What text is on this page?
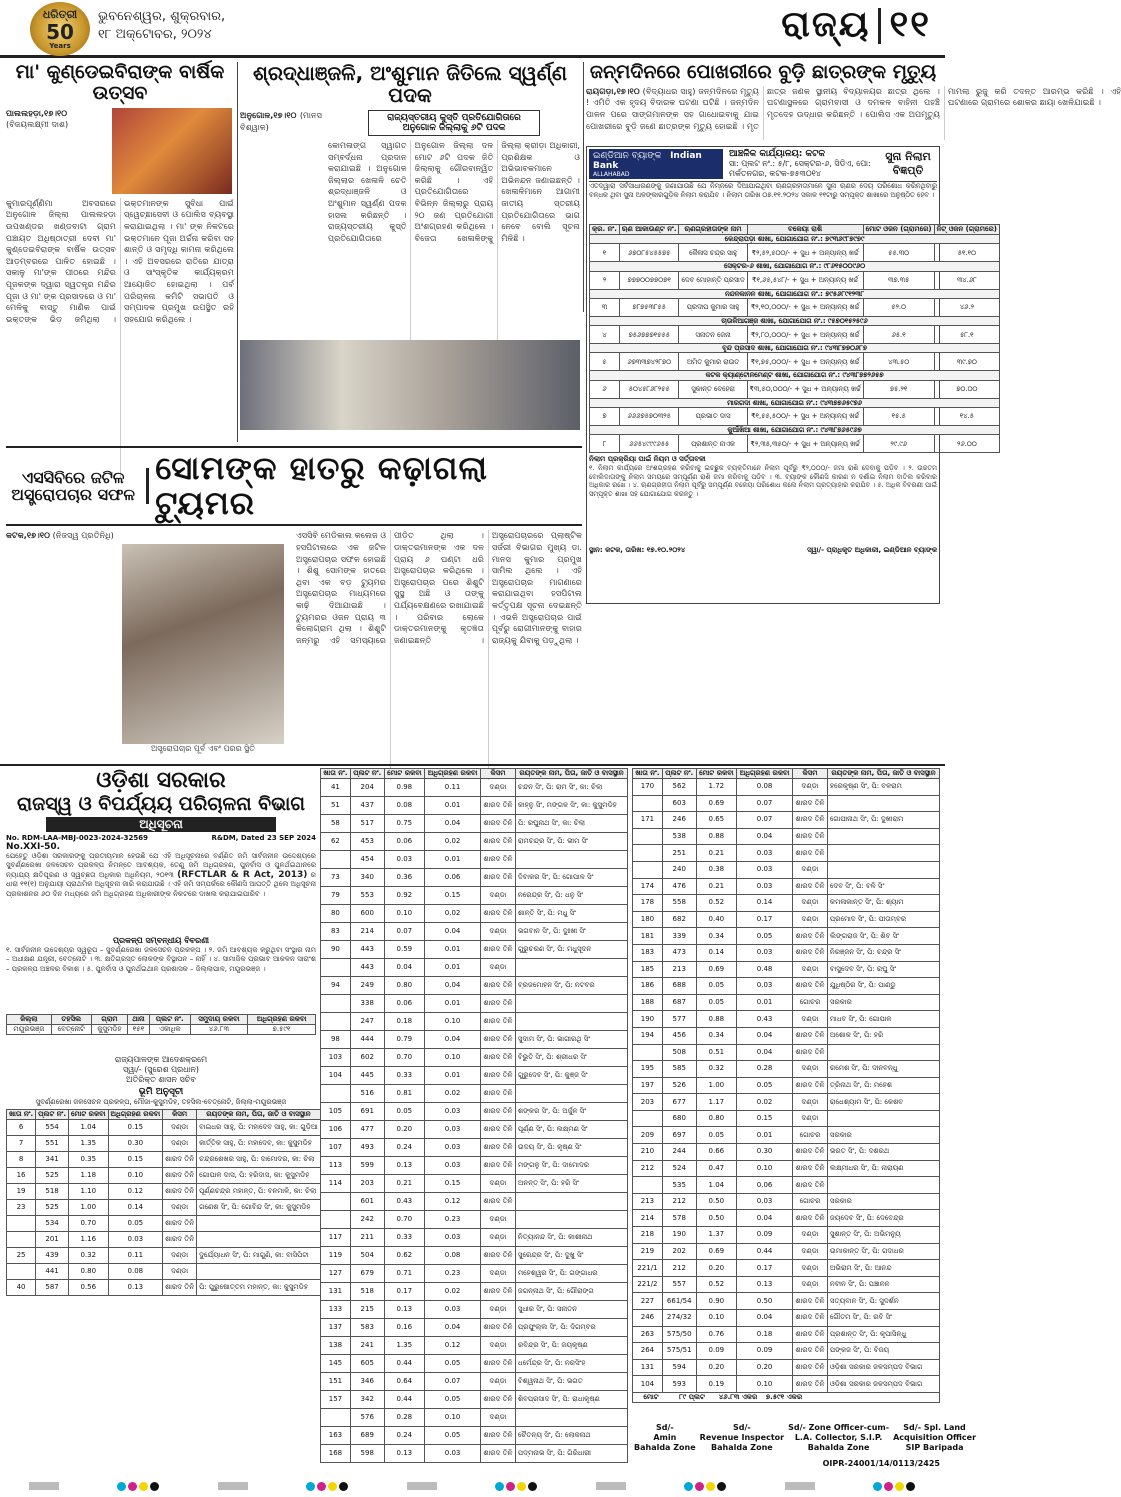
ଧରିତ୍ରୀ
50
Years
ଭୁବନେଶ୍ୱର, ଶୁକ୍ରବାର,
୧୮ ଅକ୍ଟୋବର, ୨୦୨୪	ରାଜ୍ୟ ୧୧
ମା' କୁଣ୍ଡେଇବିରାଙ୍କ ବାର୍ଷିକ ଉତ୍ସବ
ପାଲଲହଡ଼ା,୧୭।୧୦
(ବିଜୟଲକ୍ଷ୍ମୀ ଦାଶ)
କୁମାରପୂର୍ଣ୍ଣିମା ଅବସରରେ ଅନୁଗୋଳ ଜିଲ୍ଲା ପାଲଲହଡ଼ା ଉପଖଣ୍ଡର ଖଣ୍ଡବାଟା ଗ୍ରାମ ପଞ୍ଚାୟତ ଅଧିଷ୍ଠାତ୍ରୀ ଦେବୀ ମା' କୁଣ୍ଡେଇବିରାଙ୍କ ବାର୍ଷିକ ଉତ୍ସବ ଆଡ଼ମ୍ବରରେ ପାଳିତ ହୋଇଛି । ସକାଳୁ ମା'ଙ୍କ ପୀଠରେ ମନ୍ଦିର ପୂଜକଙ୍କ ଦ୍ୱାରା ସ୍ୱତନ୍ତ୍ର ମନ୍ଦିର ପୂଜା ଓ ମା' ଙ୍କ ପ୍ରସାଦରେ ଓ ମା' ମେଳିକୁ ବାସ୍ତୁ ମାଣିକ ପାଇଁ ଭକ୍ତଙ୍କ ଭିଡ଼ ଜମିଥିଲା । ଭକ୍ତମାନଙ୍କ ସୁବିଧା ପାଇଁ ସ୍ୱେଚ୍ଛାସେବୀ ଓ ପୋଲିସ ବ୍ୟବସ୍ଥା କରାଯାଇଥିଲା । ମା' ଙ୍କ ନିକଟରେ ଭକ୍ତମାନେ ପୂଜା ଅର୍ଚ୍ଚନା କରିବା ସହ ଶାନ୍ତି ଓ ସମୃଦ୍ଧି କାମନା କରିଥିଲେ । ଏହି ଅବସରରେ ରାତିରେ ଯାତ୍ରା ଓ ସାଂସ୍କୃତିକ କାର୍ଯ୍ୟକ୍ରମ ଆୟୋଜିତ ହୋଇଥିଲା । ପର୍ବ ପରିଚାଳନା କମିଟି ସଭାପତି ଓ ସମ୍ପାଦକ ପ୍ରମୁଖ ଉପସ୍ଥିତ ରହି ସହଯୋଗ କରିଥିଲେ ।
ଶ୍ରଦ୍ଧାଞ୍ଜଳି, ଅଂଶୁମାନ ଜିତିଲେ ସ୍ୱର୍ଣ୍ଣ ପଦକ
ଅନୁଗୋଳ,୧୭।୧୦ (ମାନସ ବିଶ୍ୱାଳ)

ରାଜ୍ୟସ୍ତରୀୟ କୁସ୍ତି ପ୍ରତିଯୋଗିତାରେ
ଅନୁଗୋଳ ଜିଲ୍ଲାକୁ ୬ଟି ପଦକ
କୋମଳାଙ୍ଗ ସ୍ୱାଗତ ସମ୍ବର୍ଦ୍ଧନା ପ୍ରଦାନ କରାଯାଇଛି । ଅନୁଗୋଳ ଜିଲ୍ଲାର ଖେଳାଳି ଚେତି ଶ୍ରଦ୍ଧାଞ୍ଜଳି ଓ ଅଂଶୁମାନ ସ୍ୱର୍ଣ୍ଣ ପଦକ ହାସଲ କରିଛନ୍ତି । ରାଜ୍ୟସ୍ତରୀୟ କୁସ୍ତି ପ୍ରତିଯୋଗିତାରେ ଅନୁଗୋଳ ଜିଲ୍ଲା ଦଳ ମୋଟ ୬ଟି ପଦକ ଜିତି ଜିଲ୍ଲାକୁ ଗୌରବାନ୍ୱିତ କରିଛି । ଏହି ପ୍ରତିଯୋଗିତାରେ ବିଭିନ୍ନ ଜିଲ୍ଲାରୁ ପ୍ରାୟ ୨୦ ଜଣ ପ୍ରତିଯୋଗୀ ଅଂଶଗ୍ରହଣ କରିଥିଲେ । ବିଜେତା ଖେଳାଳିଙ୍କୁ ଜିଲ୍ଲା କ୍ରୀଡ଼ା ଅଧିକାରୀ, ପ୍ରଶିକ୍ଷକ ଓ ଅଭିଭାବକମାନେ ଅଭିନନ୍ଦନ ଜଣାଇଛନ୍ତି । ଖେଳାଳିମାନେ ଆଗାମୀ ଜାତୀୟ ସ୍ତରୀୟ ପ୍ରତିଯୋଗିତାରେ ଭାଗ ନେବେ ବୋଲି ସୂଚନା ମିଳିଛି ।
ଜନ୍ମଦିନରେ ପୋଖରୀରେ ବୁଡ଼ି ଛାତ୍ରଙ୍କ ମୃତ୍ୟୁ
ରାୟଗଡ଼ା,୧୭।୧୦ (ବିଦ୍ୟାଧର ସାହୁ) ଜନ୍ମଦିନରେ ମୃତ୍ୟୁ ! ଏମିତି ଏକ ହୃଦୟ ବିଦାରକ ଘଟଣା ଘଟିଛି । ଜନ୍ମଦିନ ପାଳନ ପରେ ସାଙ୍ଗମାନଙ୍କ ସହ ଗାଧୋଇବାକୁ ଯାଇ ପୋଖରୀରେ ବୁଡ଼ି ଜଣେ ଛାତ୍ରଙ୍କ ମୃତ୍ୟୁ ହୋଇଛି । ମୃତ ଛାତ୍ର ଜଣକ ସ୍ଥାନୀୟ ବିଦ୍ୟାଳୟର ଛାତ୍ର ଥିଲେ । ଘଟଣାସ୍ଥଳରେ ଗ୍ରାମବାସୀ ଓ ଦମକଳ ବାହିନୀ ପହଞ୍ଚି ମୃତଦେହ ଉଦ୍ଧାର କରିଛନ୍ତି । ପୋଲିସ ଏକ ଅପମୃତ୍ୟୁ ମାମଲା ରୁଜୁ କରି ତଦନ୍ତ ଆରମ୍ଭ କରିଛି । ଏହି ଘଟଣାରେ ଗ୍ରାମରେ ଶୋକର ଛାୟା ଖେଳିଯାଇଛି ।
ଇଣ୍ଡିଆନ ବ୍ୟାଙ୍କ Indian Bank
ALLAHABAD
ଆଞ୍ଚଳିକ କାର୍ଯ୍ୟାଳୟ: କଟକ
ସା: ପ୍ଲଟ ନଂ.: ୫/୮, ସେକ୍ଟର-୬, ସିଡିଏ, ପୋ: ମର୍କତନଗର, କଟକ-୭୫୩୦୧୪
ସୁନା ନିଲାମ ବିଜ୍ଞପ୍ତି
ଏତଦ୍ୱାରା ସର୍ବସାଧାରଣଙ୍କୁ ଜଣାଯାଉଛି ଯେ ନିମ୍ନରେ ଦିଆଯାଇଥିବା ଋଣଗ୍ରହୀତାମାନେ ସୁନା ଋଣର ଦେୟ ପରିଶୋଧ କରିନଥିବାରୁ ବନ୍ଧକ ଥିବା ସୁନା ଅଳଙ୍କାରଗୁଡ଼ିକ ନିଲାମ କରାଯିବ । ନିଲାମ ତାରିଖ ୦୭.୧୧.୨୦୨୪ ସକାଳ ୧୧ଟାରୁ ସମ୍ପୃକ୍ତ ଶାଖାରେ ଅନୁଷ୍ଠିତ ହେବ ।
କ୍ର. ନଂ.	ଋଣ ଆକାଉଣ୍ଟ ନଂ.	ଋଣଗ୍ରହୀତାଙ୍କ ନାମ	ବକେୟା ରାଶି	ମୋଟ ଓଜନ (ଗ୍ରାମରେ)	ନିଟ୍ ଓଜନ (ଗ୍ରାମରେ)
କେନ୍ଦ୍ରାପଡ଼ା ଶାଖା, ଯୋଗାଯୋଗ ନଂ.: ୭୯୩୬୯୮୭୯୭୯					
୧	୬୭୦୮୫୪୫୫୭୫	କୈଳାସ ଚନ୍ଦ୍ର ସାହୁ	₹୨,୫୨,୫୦୦/- + ସୁଧ + ଅନ୍ୟାନ୍ୟ ଖର୍ଚ୍ଚ	୫୫.୩୦	୫୧.୧୦
ସେକ୍ଟର-୬ ଶାଖା, ଯୋଗାଯୋଗ ନଂ.: ୯୮୬୧୫୦୦୯୬୦					
୨	୭୭୭୦୦୭୭୦୭୧	ଦେବ ମୋହାନ୍ତି ପ୍ରସାଦ	₹୧,୬୫,୫୪୮/- + ସୁଧ + ଅନ୍ୟାନ୍ୟ ଖର୍ଚ୍ଚ	୩୭.୩୫	୩୪.୬୮
ନନ୍ଦନକାନନ ଶାଖା, ଯୋଗାଯୋଗ ନଂ.: ୭୯୫୬୮୯୧୨୩୮					
୩	୭୮୭୫୩୮୫୫	ପ୍ରଦୀପ କୁମାର ସାହୁ	₹୨,୧୦,୦୦୦/- + ସୁଧ + ଅନ୍ୟାନ୍ୟ ଖର୍ଚ୍ଚ	୫୨.୦	୪୬.୨
ଚାଉଳିଆଗଞ୍ଜ ଶାଖା, ଯୋଗାଯୋଗ ନଂ.: ୯୫୭୦୧୫୨୫୯୬					
୪	୭୫୬୭୭୭୧୫୫୫	ସନାତନ ଜେନା	₹୨,୮୦,୦୦୦/- + ସୁଧ + ଅନ୍ୟାନ୍ୟ ଖର୍ଚ୍ଚ	୬୫.୧	୫୮.୧
ବୃନ୍ଦ ପ୍ରସାଦ ଶାଖା, ଯୋଗାଯୋଗ ନଂ.: ୯୪୩୮୭୭୦୬୮୭					
୫	୬୭୩୩୭୪୨୮୭୦	ଅମିତ କୁମାର ରାଉତ	₹୧,୭୫,୦୦୦/- + ସୁଧ + ଅନ୍ୟାନ୍ୟ ଖର୍ଚ୍ଚ	୪୩.୫୦	୩୯.୭୦
କଟକ କ୍ୟାଣ୍ଟୋନମେଣ୍ଟ ଶାଖା, ଯୋଗାଯୋଗ ନଂ.: ୯୪୩୮୭୭୨୬୫୭					
୬	୫୦୪୫୮୬୮୨୫୫	ସୁକାନ୍ତ ବେହେରା	₹୩,୫୦,୦୦୦/- + ସୁଧ + ଅନ୍ୟାନ୍ୟ ଖର୍ଚ୍ଚ	୭୫.୨୧	୭୦.୦୦
ମାରଗଦା ଶାଖା, ଯୋଗାଯୋଗ ନଂ.: ୯୪୩୭୭୬୫୯୭୬					
୭	୬୬୬୭୫୭୦୩୨୫	ପ୍ରଭାତ ଦାସ	₹୧,୫୫,୫୦୦/- + ସୁଧ + ଅନ୍ୟାନ୍ୟ ଖର୍ଚ୍ଚ	୧୫.୫	୧୪.୫
କୁଆଁଖିଆ ଶାଖା, ଯୋଗାଯୋଗ ନଂ.: ୯୪୩୮୭୬୫୯୬୭					
୮	୬୬୫୪୯୯୯୬୫୫	ପ୍ରଶାନ୍ତ ନାଏକ	₹୨,୩୫,୩୫୦/- + ସୁଧ + ଅନ୍ୟାନ୍ୟ ଖର୍ଚ୍ଚ	୨୯.୯୬	୨୬.୦୦
ନିଲାମ ପ୍ରକ୍ରିୟା ପାଇଁ ନିୟମ ଓ ସର୍ତ୍ତାବଳୀ
୧. ନିଲାମ କାର୍ଯ୍ୟରେ ଅଂଶଗ୍ରହଣ କରିବାକୁ ଇଚ୍ଛୁକ ବ୍ୟକ୍ତିମାନେ ନିଲାମ ପୂର୍ବରୁ ₹୨,୦୦୦/- ଜମା ରାଶି ଦେବାକୁ ପଡ଼ିବ । ୨. ଉଚ୍ଚତମ ବୋଲିଦାତାଙ୍କୁ ନିଲାମ ସମୟରେ ସମ୍ପୂର୍ଣ୍ଣ ରାଶି ଜମା କରିବାକୁ ପଡ଼ିବ । ୩. ବ୍ୟାଙ୍କ କୌଣସି କାରଣ ନ ଦର୍ଶାଇ ନିଲାମ ବାତିଲ କରିବାର ଅଧିକାର ରଖେ । ୪. ଋଣଗ୍ରହୀତା ନିଲାମ ପୂର୍ବରୁ ସମ୍ପୂର୍ଣ୍ଣ ବକେୟା ପରିଶୋଧ କଲେ ନିଲାମ ପ୍ରତ୍ୟାହାର କରାଯିବ । ୫. ଅଧିକ ବିବରଣୀ ପାଇଁ ସମ୍ପୃକ୍ତ ଶାଖା ସହ ଯୋଗାଯୋଗ କରନ୍ତୁ ।
ସ୍ଥାନ: କଟକ, ତାରିଖ: ୧୭.୧୦.୨୦୨୪	ସ୍ୱା/- ପ୍ରାଧିକୃତ ଅଧିକାରୀ, ଇଣ୍ଡିଆନ ବ୍ୟାଙ୍କ
ଏସସିବିରେ ଜଟିଳ
ଅସ୍ତ୍ରୋପଚାର ସଫଳ
ସୋମଙ୍କ ହାତରୁ କଢ଼ାଗଲା ଟ୍ୟୁମର
କଟକ,୧୭।୧୦ (ନିଜସ୍ୱ ପ୍ରତିନିଧି)
ଅସ୍ତ୍ରୋପଚାର ପୂର୍ବ ଏବଂ ପରର ସ୍ଥିତି
ଏସସିବି ମେଡିକାଲ କଲେଜ ଓ ହସପିଟାଲରେ ଏକ ଜଟିଳ ଅସ୍ତ୍ରୋପଚାର ସଫଳ ହୋଇଛି । ଶିଶୁ ସୋମଙ୍କ ହାତରେ ଥିବା ଏକ ବଡ଼ ଟ୍ୟୁମର ଅସ୍ତ୍ରୋପଚାର ମାଧ୍ୟମରେ କାଢ଼ି ଦିଆଯାଇଛି । ଟ୍ୟୁମରର ଓଜନ ପ୍ରାୟ ୩ କିଲୋଗ୍ରାମ ଥିଲା । ଶିଶୁଟି ଜନ୍ମରୁ ଏହି ସମସ୍ୟାରେ ପୀଡ଼ିତ ଥିଲା । ଡାକ୍ତରମାନଙ୍କ ଏକ ଦଳ ପ୍ରାୟ ୬ ଘଣ୍ଟା ଧରି ଅସ୍ତ୍ରୋପଚାର କରିଥିଲେ । ଅସ୍ତ୍ରୋପଚାର ପରେ ଶିଶୁଟି ସୁସ୍ଥ ଅଛି ଓ ତାଙ୍କୁ ପର୍ଯ୍ୟବେକ୍ଷଣରେ ରଖାଯାଇଛି । ପରିବାର ଲୋକେ ଡାକ୍ତରମାନଙ୍କୁ କୃତଜ୍ଞତା ଜଣାଇଛନ୍ତି । ଅସ୍ତ୍ରୋପଚାରରେ ପ୍ଲାଷ୍ଟିକ ସର୍ଜରୀ ବିଭାଗର ମୁଖ୍ୟ ଡା. ମାନସ କୁମାର ପ୍ରମୁଖ ସାମିଲ ଥିଲେ । ଏହି ଅସ୍ତ୍ରୋପଚାର ମାଗଣାରେ କରାଯାଇଥିବା ହସପିଟାଲ କର୍ତ୍ତୃପକ୍ଷ ସୂଚନା ଦେଇଛନ୍ତି । ଏଭଳି ଅସ୍ତ୍ରୋପଚାର ପାଇଁ ପୂର୍ବରୁ ରୋଗୀମାନଙ୍କୁ ବାହାର ରାଜ୍ୟକୁ ଯିବାକୁ ପଡ଼ୁଥିଲା ।
ଓଡ଼ିଶା ସରକାର
ରାଜସ୍ୱ ଓ ବିପର୍ଯ୍ୟୟ ପରିଚାଳନା ବିଭାଗ
ଅଧିସୂଚନା
No. RDM-LAA-MBJ-0023-2024-32569	R&DM, Dated 23 SEP 2024
No.XXI-50.
ଯେହେତୁ ଓଡ଼ିଶା ସରକାରଙ୍କୁ ପ୍ରତୀୟମାନ ହେଉଛି ଯେ ଏହି ଅଧିସୂଚନାରେ ବର୍ଣ୍ଣିତ ଜମି ସାର୍ବଜନୀନ ଉଦ୍ଦେଶ୍ୟରେ ସୁବର୍ଣ୍ଣରେଖା ଜଳସେଚନ ପ୍ରକଳ୍ପ ନିମନ୍ତେ ଆବଶ୍ୟକ, ତେଣୁ ଜମି ଅଧିଗ୍ରହଣ, ପୁନର୍ବାସ ଓ ପୁନର୍ଥଇଥାନରେ ନ୍ୟାଯ୍ୟ କ୍ଷତିପୂରଣ ଓ ସ୍ୱଚ୍ଛତା ଅଧିକାର ଅଧିନିୟମ, ୨୦୧୩ (RFCTLAR & R Act, 2013) ର ଧାରା ୧୧(୧) ଅନୁଯାୟୀ ପ୍ରାଥମିକ ଅଧିସୂଚନା ଜାରି କରାଯାଉଛି । ଏହି ଜମି ସମ୍ପର୍କରେ କୌଣସି ଆପତ୍ତି ଥିଲେ ଅଧିସୂଚନା ପ୍ରକାଶନର ୬୦ ଦିନ ମଧ୍ୟରେ ଜମି ଅଧିଗ୍ରହଣ ଅଧିକାରୀଙ୍କ ନିକଟରେ ଦାଖଲ କରାଯାଇପାରିବ ।
ପ୍ରକଳ୍ପ ସମ୍ବନ୍ଧୀୟ ବିବରଣୀ
୧. ସାର୍ବଜନୀନ ଉଦ୍ଦେଶ୍ୟର ସ୍ୱରୂପ – ସୁବର୍ଣ୍ଣରେଖା ଜଳସେଚନ ପ୍ରକଳ୍ପ । ୨. ଜମି ଆବଶ୍ୟକ କରୁଥିବା ସଂସ୍ଥାର ନାମ – ଅଧୀକ୍ଷଣ ଯନ୍ତ୍ରୀ, ବେତ୍ନୋଟି । ୩. କ୍ଷତିଗ୍ରସ୍ତ ଲୋକଙ୍କ ବିସ୍ଥାପନ – ନାହିଁ । ୪. ସାମାଜିକ ପ୍ରଭାବ ଆକଳନ ସାରାଂଶ – ପ୍ରକଳ୍ପ ଅଞ୍ଚଳର ବିକାଶ । ୫. ପୁନର୍ବାସ ଓ ପୁନର୍ଥଇଥାନ ପ୍ରଶାସକ – ଜିଲ୍ଲାପାଳ, ମୟୂରଭଞ୍ଜ ।
ଜିଲ୍ଲା	ତହସିଲ	ଗ୍ରାମ	ଥାନା	ପ୍ଲଟ ନଂ.	ସମୁଦାୟ ରକବା	ଅଧିଗ୍ରହଣ ରକବା
ମୟୂରଭଞ୍ଜ	ବେତ୍ନୋଟି	କୁସୁମଡିହ	୧୫୧	ଏକାଧିକ	୪୬.୮୩	୭.୫୯୧
ରାଜ୍ୟପାଳଙ୍କ ଆଦେଶକ୍ରମେ
ସ୍ୱା/- (ସୁରେଶ ପ୍ରଧାନ)
ଅତିରିକ୍ତ ଶାସନ ସଚିବ
ଭୂମି ଅନୁସୂଚୀ
ସୁବର୍ଣ୍ଣରେଖା ଜଳସେଚନ ପ୍ରକଳ୍ପ, ମୌଜା-କୁସୁମଡିହ, ତହସିଲ-ବେତ୍ନୋଟି, ଜିଲ୍ଲା-ମୟୂରଭଞ୍ଜ
ଖାତା ନଂ.	ପ୍ଲଟ ନଂ.	ମୋଟ ରକବା	ଅଧିଗ୍ରହଣ ରକବା	କିସମ	ରୟତଙ୍କ ନାମ, ପିତା, ଜାତି ଓ ବାସସ୍ଥାନ
6	554	1.04	0.15	ଦଣ୍ଡା	ବାଇଧର ସାହୁ, ପି: ମହାଦେବ ସାହୁ, କା: ଗୁଡ଼ିଆ
7	551	1.35	0.30	ଦଣ୍ଡା	କାର୍ତ୍ତିକ ସାହୁ, ପି: ମହାଦେବ, କା: କୁସୁମଡିହ
8	341	0.35	0.15	ଶାରଦ ତିନି	ଚନ୍ଦ୍ରଶେଖର ସାହୁ, ପି: ଦାମୋଦର, କା: ଚିଲା
16	525	1.18	0.10	ଶାରଦ ତିନି	ଗୋପାଳ ଦାସ, ପି: ହରିଦାସ, କା: କୁସୁମଡିହ
19	518	1.10	0.12	ଶାରଦ ତିନି	ପୂର୍ଣ୍ଣଚନ୍ଦ୍ର ମହାନ୍ତ, ପି: ବନମାଳି, କା: ଚିଲା
23	525	1.00	0.14	ଦଣ୍ଡା	ଗଣେଶ ସିଂ, ପି: ଗୋବିନ୍ଦ ସିଂ, କା: କୁସୁମଡିହ
	534	0.70	0.05	ଶାରଦ ତିନି	
	201	1.16	0.03	ଶାରଦ ତିନି	
25	439	0.32	0.11	ଦଣ୍ଡା	ଦୁର୍ଯ୍ୟୋଧନ ସିଂ, ପି: ମାଗୁଣି, କା: ବାସିପିଟା
	441	0.80	0.08	ଦଣ୍ଡା	
40	587	0.56	0.13	ଶାରଦ ତିନି	ପି: ପୁରୁଷୋତ୍ତମ ମହାନ୍ତ, କା: କୁସୁମଡିହ
ଖାତା ନଂ.	ପ୍ଲଟ ନଂ.	ମୋଟ ରକବା	ଅଧିଗ୍ରହଣ ରକବା	କିସମ	ରୟତଙ୍କ ନାମ, ପିତା, ଜାତି ଓ ବାସସ୍ଥାନ
41	204	0.98	0.11	ଦଣ୍ଡା	ଚନ୍ଦନ ସିଂ, ପି: ରାମ ସିଂ, କା: ଚିଲା
51	437	0.08	0.01	ଶାରଦ ତିନି	କାହ୍ନୁ ସିଂ, ମଙ୍ଗଳ ସିଂ, କା: କୁସୁମଡିହ
58	517	0.75	0.04	ଶାରଦ ତିନି	ପି: ରଘୁନାଥ ସିଂ, କା: ଚିଲା
62	453	0.06	0.02	ଶାରଦ ତିନି	ରାମଚନ୍ଦ୍ର ସିଂ, ପି: ଭୀମ ସିଂ
	454	0.03	0.01	ଶାରଦ ତିନି	
73	340	0.36	0.06	ଶାରଦ ତିନି	ଦିବାକର ସିଂ, ପି: ଗୋପାଳ ସିଂ
79	553	0.92	0.15	ଦଣ୍ଡା	ନରେନ୍ଦ୍ର ସିଂ, ପି: ଧନୁ ସିଂ
80	600	0.10	0.02	ଶାରଦ ତିନି	ଶାନ୍ତି ସିଂ, ପି: ମଧୁ ସିଂ
83	214	0.07	0.04	ଦଣ୍ଡା	ଭଗବାନ ସିଂ, ପି: ଦୁଃଖୀ ସିଂ
90	443	0.59	0.01	ଶାରଦ ତିନି	ଗୁରୁଚରଣ ସିଂ, ପି: ମଧୁସୂଦନ
	443	0.04	0.01	ଦଣ୍ଡା	
94	249	0.80	0.04	ଶାରଦ ତିନି	ବ୍ରଜମୋହନ ସିଂ, ପି: ନଟବର
	338	0.06	0.01	ଶାରଦ ତିନି	
	247	0.18	0.10	ଶାରଦ ତିନି	
98	444	0.79	0.04	ଶାରଦ ତିନି	ସୁଦାମ ସିଂ, ପି: ଭାଗୀରଥି ସିଂ
103	602	0.70	0.10	ଶାରଦ ତିନି	ବିଭୁତି ସିଂ, ପି: ଶ୍ରୀଧର ସିଂ
104	445	0.33	0.01	ଶାରଦ ତିନି	ଗୁରୁଦେବ ସିଂ, ପି: କୁଞ୍ଜ ସିଂ
	516	0.81	0.02	ଶାରଦ ତିନି	
105	691	0.05	0.03	ଶାରଦ ତିନି	ଶଙ୍କର ସିଂ, ପି: ଅର୍ଜୁନ ସିଂ
106	477	0.20	0.03	ଶାରଦ ତିନି	ପୂର୍ଣ୍ଣ ସିଂ, ପି: ଲକ୍ଷ୍ମଣ ସିଂ
107	493	0.24	0.03	ଶାରଦ ତିନି	ଉଦୟ ସିଂ, ପି: କୃଷ୍ଣ ସିଂ
113	599	0.13	0.03	ଶାରଦ ତିନି	ମଙ୍ଗଳୁ ସିଂ, ପି: ଦାମୋଦର
114	203	0.21	0.15	ଦଣ୍ଡା	ଅନନ୍ତ ସିଂ, ପି: ହରି ସିଂ
	601	0.43	0.12	ଶାରଦ ତିନି	
	242	0.70	0.23	ଦଣ୍ଡା	
117	211	0.33	0.03	ଦଣ୍ଡା	ନିତ୍ୟାନନ୍ଦ ସିଂ, ପି: କାଶୀନାଥ
119	504	0.62	0.08	ଶାରଦ ତିନି	ସୁରେନ୍ଦ୍ର ସିଂ, ପି: ଦୁଖୁ ସିଂ
127	679	0.71	0.23	ଦଣ୍ଡା	ମହେଶ୍ୱର ସିଂ, ପି: ଗଙ୍ଗାଧର
131	518	0.17	0.02	ଶାରଦ ତିନି	ଜଗନ୍ନାଥ ସିଂ, ପି: ଗୌରାଙ୍ଗ
133	215	0.13	0.03	ଦଣ୍ଡା	ସୁଧୀର ସିଂ, ପି: ସନାତନ
137	583	0.16	0.04	ଶାରଦ ତିନି	ପ୍ରଫୁଲ୍ଲ ସିଂ, ପି: ଦିଗମ୍ବର
138	241	1.35	0.12	ଦଣ୍ଡା	ରବିନ୍ଦ୍ର ସିଂ, ପି: ଜୟକୃଷ୍ଣ
145	605	0.44	0.05	ଶାରଦ ତିନି	ଧର୍ମେନ୍ଦ୍ର ସିଂ, ପି: ନରସିଂହ
151	346	0.64	0.07	ଦଣ୍ଡା	ବିଶ୍ୱନାଥ ସିଂ, ପି: ଭଗତ
157	342	0.44	0.05	ଶାରଦ ତିନି	ଶିବପ୍ରସାଦ ସିଂ, ପି: ରାଧାକୃଷ୍ଣ
	576	0.28	0.10	ଦଣ୍ଡା	
163	689	0.24	0.05	ଶାରଦ ତିନି	ଚୈତନ୍ୟ ସିଂ, ପି: ଲୋକନାଥ
168	598	0.13	0.03	ଶାରଦ ତିନି	ପଦ୍ମନାଭ ସିଂ, ପି: ଗିରିଧାରୀ
ଖାତା ନଂ.	ପ୍ଲଟ ନଂ.	ମୋଟ ରକବା	ଅଧିଗ୍ରହଣ ରକବା	କିସମ	ରୟତଙ୍କ ନାମ, ପିତା, ଜାତି ଓ ବାସସ୍ଥାନ
170	562	1.72	0.08	ଦଣ୍ଡା	ହରେକୃଷ୍ଣ ସିଂ, ପି: ବଳରାମ
	603	0.69	0.07	ଶାରଦ ତିନି	
171	246	0.65	0.07	ଶାରଦ ତିନି	ଗୋପୀନାଥ ସିଂ, ପି: ଦୁଖୀରାମ
	538	0.88	0.04	ଶାରଦ ତିନି	
	251	0.21	0.03	ଶାରଦ ତିନି	
	240	0.38	0.03	ଦଣ୍ଡା	
174	476	0.21	0.03	ଶାରଦ ତିନି	ଦେବ ସିଂ, ପି: ବଳି ସିଂ
178	558	0.52	0.14	ଦଣ୍ଡା	କମଳାକାନ୍ତ ସିଂ, ପି: ଶ୍ୟାମ
180	682	0.40	0.17	ଦଣ୍ଡା	ପ୍ରମୋଦ ସିଂ, ପି: ପୀତାମ୍ବର
181	339	0.34	0.05	ଶାରଦ ତିନି	ଲିଙ୍ଗରାଜ ସିଂ, ପି: ଶିବ ସିଂ
183	473	0.14	0.03	ଶାରଦ ତିନି	ନିରଞ୍ଜନ ସିଂ, ପି: ଚନ୍ଦ୍ର ସିଂ
185	213	0.69	0.48	ଦଣ୍ଡା	ବାସୁଦେବ ସିଂ, ପି: ରଘୁ ସିଂ
186	688	0.05	0.03	ଶାରଦ ତିନି	ଯୁଧିଷ୍ଠିର ସିଂ, ପି: ପାଣ୍ଡୁ
188	687	0.05	0.01	ଗୋଚର	ସରକାର
190	577	0.88	0.43	ଦଣ୍ଡା	ମାଧବ ସିଂ, ପି: ଗୋପାଳ
194	456	0.34	0.04	ଶାରଦ ତିନି	ଅଶୋକ ସିଂ, ପି: ହରି
	508	0.51	0.04	ଶାରଦ ତିନି	
195	585	0.32	0.28	ଦଣ୍ଡା	ରମେଶ ସିଂ, ପି: ଦୀନବନ୍ଧୁ
197	526	1.00	0.05	ଶାରଦ ତିନି	ତ୍ରିନାଥ ସିଂ, ପି: ମହେଶ
203	677	1.17	0.02	ଦଣ୍ଡା	ରାଧେଶ୍ୟାମ ସିଂ, ପି: କେଶବ
	680	0.80	0.15	ଦଣ୍ଡା	
209	697	0.05	0.01	ଗୋଚର	ସରକାର
210	244	0.66	0.30	ଶାରଦ ତିନି	ଭରତ ସିଂ, ପି: ଦଶରଥ
212	524	0.47	0.10	ଶାରଦ ତିନି	ଲକ୍ଷ୍ମୀଧର ସିଂ, ପି: ନାରାୟଣ
	535	1.04	0.06	ଶାରଦ ତିନି	
213	212	0.50	0.03	ଗୋଚର	ସରକାର
214	578	0.50	0.04	ଶାରଦ ତିନି	ଜୟଦେବ ସିଂ, ପି: ଦେବେନ୍ଦ୍ର
218	190	1.37	0.09	ଦଣ୍ଡା	ସୁଶାନ୍ତ ସିଂ, ପି: ଅଭିମନ୍ୟୁ
219	202	0.69	0.44	ଦଣ୍ଡା	ଉମାକାନ୍ତ ସିଂ, ପି: ଗଦାଧର
221/1	212	0.20	0.17	ଦଣ୍ଡା	ଅଭିରାମ ସିଂ, ପି: ଆନନ୍ଦ
221/2	557	0.52	0.13	ଦଣ୍ଡା	ନବୀନ ସିଂ, ପି: ପଞ୍ଚାନନ
227	661/54	0.90	0.50	ଶାରଦ ତିନି	ସତ୍ୟବାନ ସିଂ, ପି: ସୁଦର୍ଶନ
246	274/32	0.10	0.04	ଶାରଦ ତିନି	ଗୌତମ ସିଂ, ପି: ରବି ସିଂ
263	575/50	0.76	0.18	ଶାରଦ ତିନି	ପ୍ରଶାନ୍ତ ସିଂ, ପି: କୃପାସିନ୍ଧୁ
264	575/51	0.09	0.09	ଶାରଦ ତିନି	ପଙ୍କଜ ସିଂ, ପି: ବିଜୟ
131	594	0.20	0.20	ଶାରଦ ତିନି	ଓଡ଼ିଶା ସରକାର ଜଳସମ୍ପଦ ବିଭାଗ
104	593	0.19	0.10	ଶାରଦ ତିନି	ଓଡ଼ିଶା ସରକାର ଜଳସମ୍ପଦ ବିଭାଗ
ମୋଟ	୮୯ ପ୍ଲଟ	୪୬.୮୩ ଏକର	୭.୫୯୧ ଏକର
Sd/-	Sd/-	Sd/- Zone Officer-cum-	Sd/- Spl. Land
Amin	Revenue Inspector	L.A. Collector, S.I.P.	Acquisition Officer
Bahalda Zone	Bahalda Zone	Bahalda Zone	SIP Baripada
OIPR-24001/14/0113/2425
